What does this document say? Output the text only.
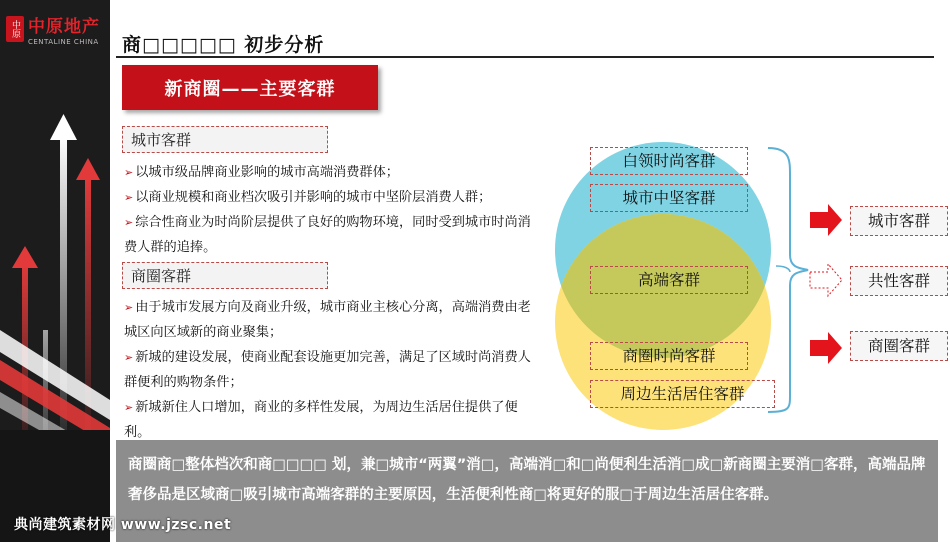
中原 中原地产
CENTALINE CHINA 商□□□□□ 初步分析
新商圈——主要客群
城市客群
➢ 以城市级品牌商业影响的城市高端消费群体；
➢ 以商业规模和商业档次吸引并影响的城市中坚阶层消费人群；
➢ 综合性商业为时尚阶层提供了良好的购物环境，同时受到城市时尚消费人群的追捧。
商圈客群
➢ 由于城市发展方向及商业升级，城市商业主核心分离，高端消费由老城区向区域新的商业聚集；
➢ 新城的建设发展，使商业配套设施更加完善，满足了区域时尚消费人群便利的购物条件；
➢ 新城新住人口增加，商业的多样性发展，为周边生活居住提供了便利。
白领时尚客群
城市中坚客群
高端客群
商圈时尚客群
周边生活居住客群
城市客群
共性客群
商圈客群
商圈商□整体档次和商□□□□ 划，兼□城市“两翼”消□，高端消□和□尚便利生活消□成□新商圈主要消□客群，高端品牌奢侈品是区域商□吸引城市高端客群的主要原因，生活便利性商□将更好的服□于周边生活居住客群。
典尚建筑素材网 www.jzsc.net
